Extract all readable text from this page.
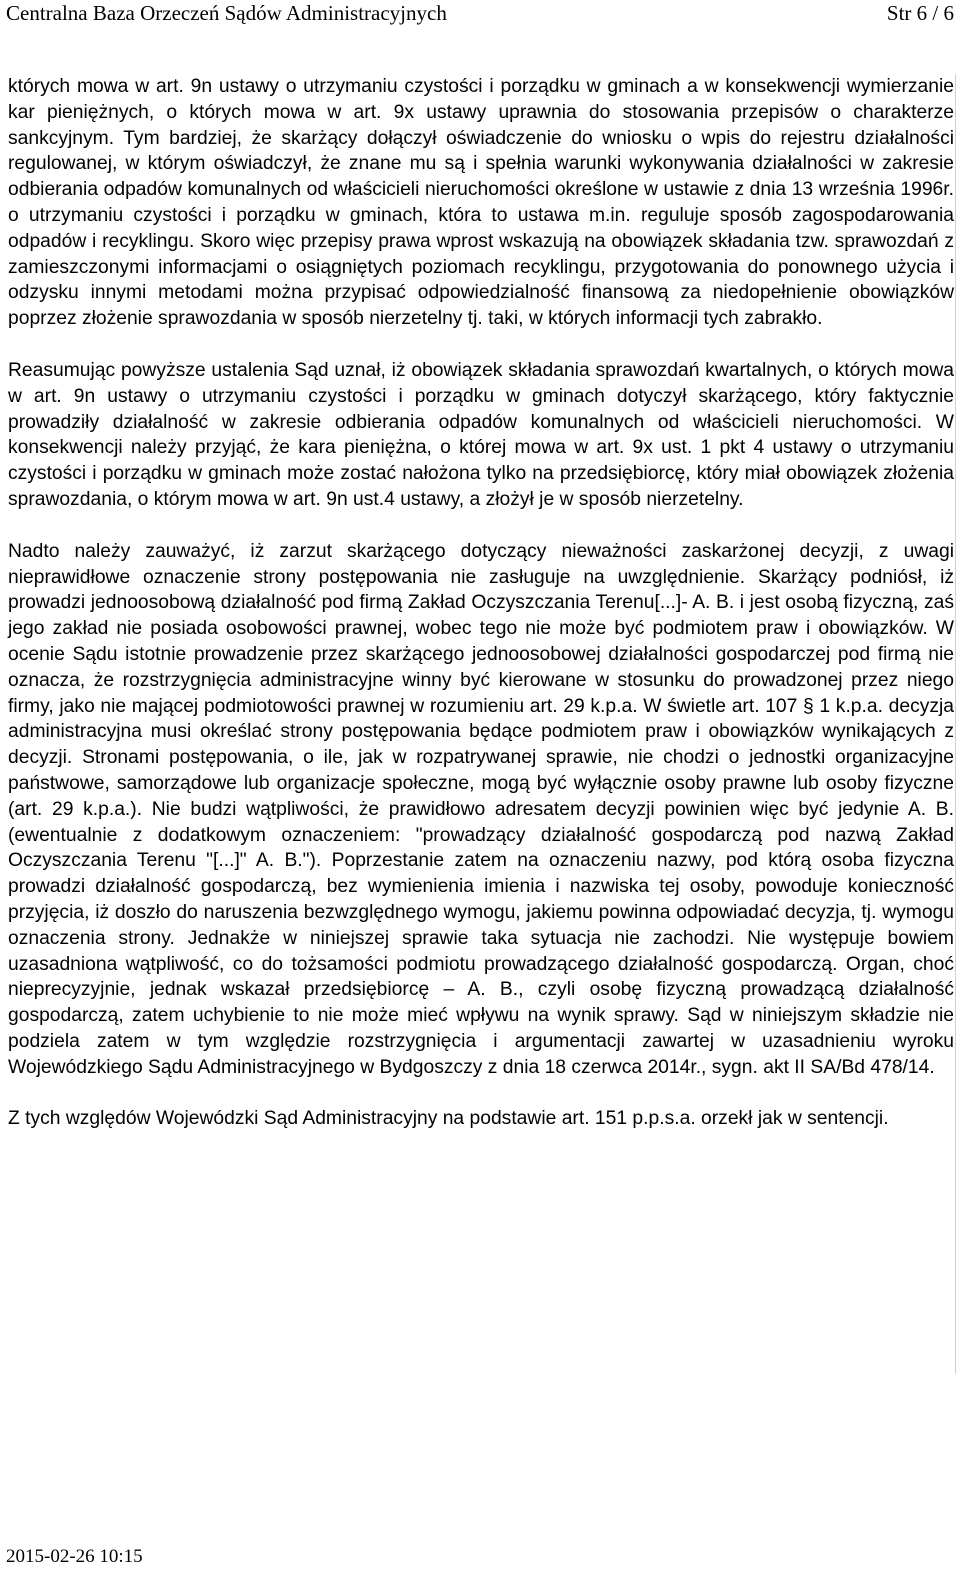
Centralna Baza Orzeczeń Sądów Administracyjnych	Str 6 / 6

których mowa w art. 9n ustawy o utrzymaniu czystości i porządku w gminach a w konsekwencji wymierzanie kar pieniężnych, o których mowa w art. 9x ustawy uprawnia do stosowania przepisów o charakterze sankcyjnym. Tym bardziej, że skarżący dołączył oświadczenie do wniosku o wpis do rejestru działalności regulowanej, w którym oświadczył, że znane mu są i spełnia warunki wykonywania działalności w zakresie odbierania odpadów komunalnych od właścicieli nieruchomości określone w ustawie z dnia 13 września 1996r. o utrzymaniu czystości i porządku w gminach, która to ustawa m.in. reguluje sposób zagospodarowania odpadów i recyklingu. Skoro więc przepisy prawa wprost wskazują na obowiązek składania tzw. sprawozdań z zamieszczonymi informacjami o osiągniętych poziomach recyklingu, przygotowania do ponownego użycia i odzysku innymi metodami można przypisać odpowiedzialność finansową za niedopełnienie obowiązków poprzez złożenie sprawozdania w sposób nierzetelny tj. taki, w których informacji tych zabrakło.

Reasumując powyższe ustalenia Sąd uznał, iż obowiązek składania sprawozdań kwartalnych, o których mowa w art. 9n ustawy o utrzymaniu czystości i porządku w gminach dotyczył skarżącego, który faktycznie prowadziły działalność w zakresie odbierania odpadów komunalnych od właścicieli nieruchomości. W konsekwencji należy przyjąć, że kara pieniężna, o której mowa w art. 9x ust. 1 pkt 4 ustawy o utrzymaniu czystości i porządku w gminach może zostać nałożona tylko na przedsiębiorcę, który miał obowiązek złożenia sprawozdania, o którym mowa w art. 9n ust.4 ustawy, a złożył je w sposób nierzetelny.

Nadto należy zauważyć, iż zarzut skarżącego dotyczący nieważności zaskarżonej decyzji, z uwagi nieprawidłowe oznaczenie strony postępowania nie zasługuje na uwzględnienie. Skarżący podniósł, iż prowadzi jednoosobową działalność pod firmą Zakład Oczyszczania Terenu[...]- A. B. i jest osobą fizyczną, zaś jego zakład nie posiada osobowości prawnej, wobec tego nie może być podmiotem praw i obowiązków. W ocenie Sądu istotnie prowadzenie przez skarżącego jednoosobowej działalności gospodarczej pod firmą nie oznacza, że rozstrzygnięcia administracyjne winny być kierowane w stosunku do prowadzonej przez niego firmy, jako nie mającej podmiotowości prawnej w rozumieniu art. 29 k.p.a. W świetle art. 107 § 1 k.p.a. decyzja administracyjna musi określać strony postępowania będące podmiotem praw i obowiązków wynikających z decyzji. Stronami postępowania, o ile, jak w rozpatrywanej sprawie, nie chodzi o jednostki organizacyjne państwowe, samorządowe lub organizacje społeczne, mogą być wyłącznie osoby prawne lub osoby fizyczne (art. 29 k.p.a.). Nie budzi wątpliwości, że prawidłowo adresatem decyzji powinien więc być jedynie A. B. (ewentualnie z dodatkowym oznaczeniem: "prowadzący działalność gospodarczą pod nazwą Zakład Oczyszczania Terenu "[...]" A. B."). Poprzestanie zatem na oznaczeniu nazwy, pod którą osoba fizyczna prowadzi działalność gospodarczą, bez wymienienia imienia i nazwiska tej osoby, powoduje konieczność przyjęcia, iż doszło do naruszenia bezwzględnego wymogu, jakiemu powinna odpowiadać decyzja, tj. wymogu oznaczenia strony. Jednakże w niniejszej sprawie taka sytuacja nie zachodzi. Nie występuje bowiem uzasadniona wątpliwość, co do tożsamości podmiotu prowadzącego działalność gospodarczą. Organ, choć nieprecyzyjnie, jednak wskazał przedsiębiorcę – A. B., czyli osobę fizyczną prowadzącą działalność gospodarczą, zatem uchybienie to nie może mieć wpływu na wynik sprawy. Sąd w niniejszym składzie nie podziela zatem w tym względzie rozstrzygnięcia i argumentacji zawartej w uzasadnieniu wyroku Wojewódzkiego Sądu Administracyjnego w Bydgoszczy z dnia 18 czerwca 2014r., sygn. akt II SA/Bd 478/14.

Z tych względów Wojewódzki Sąd Administracyjny na podstawie art. 151 p.p.s.a. orzekł jak w sentencji.

2015-02-26 10:15
